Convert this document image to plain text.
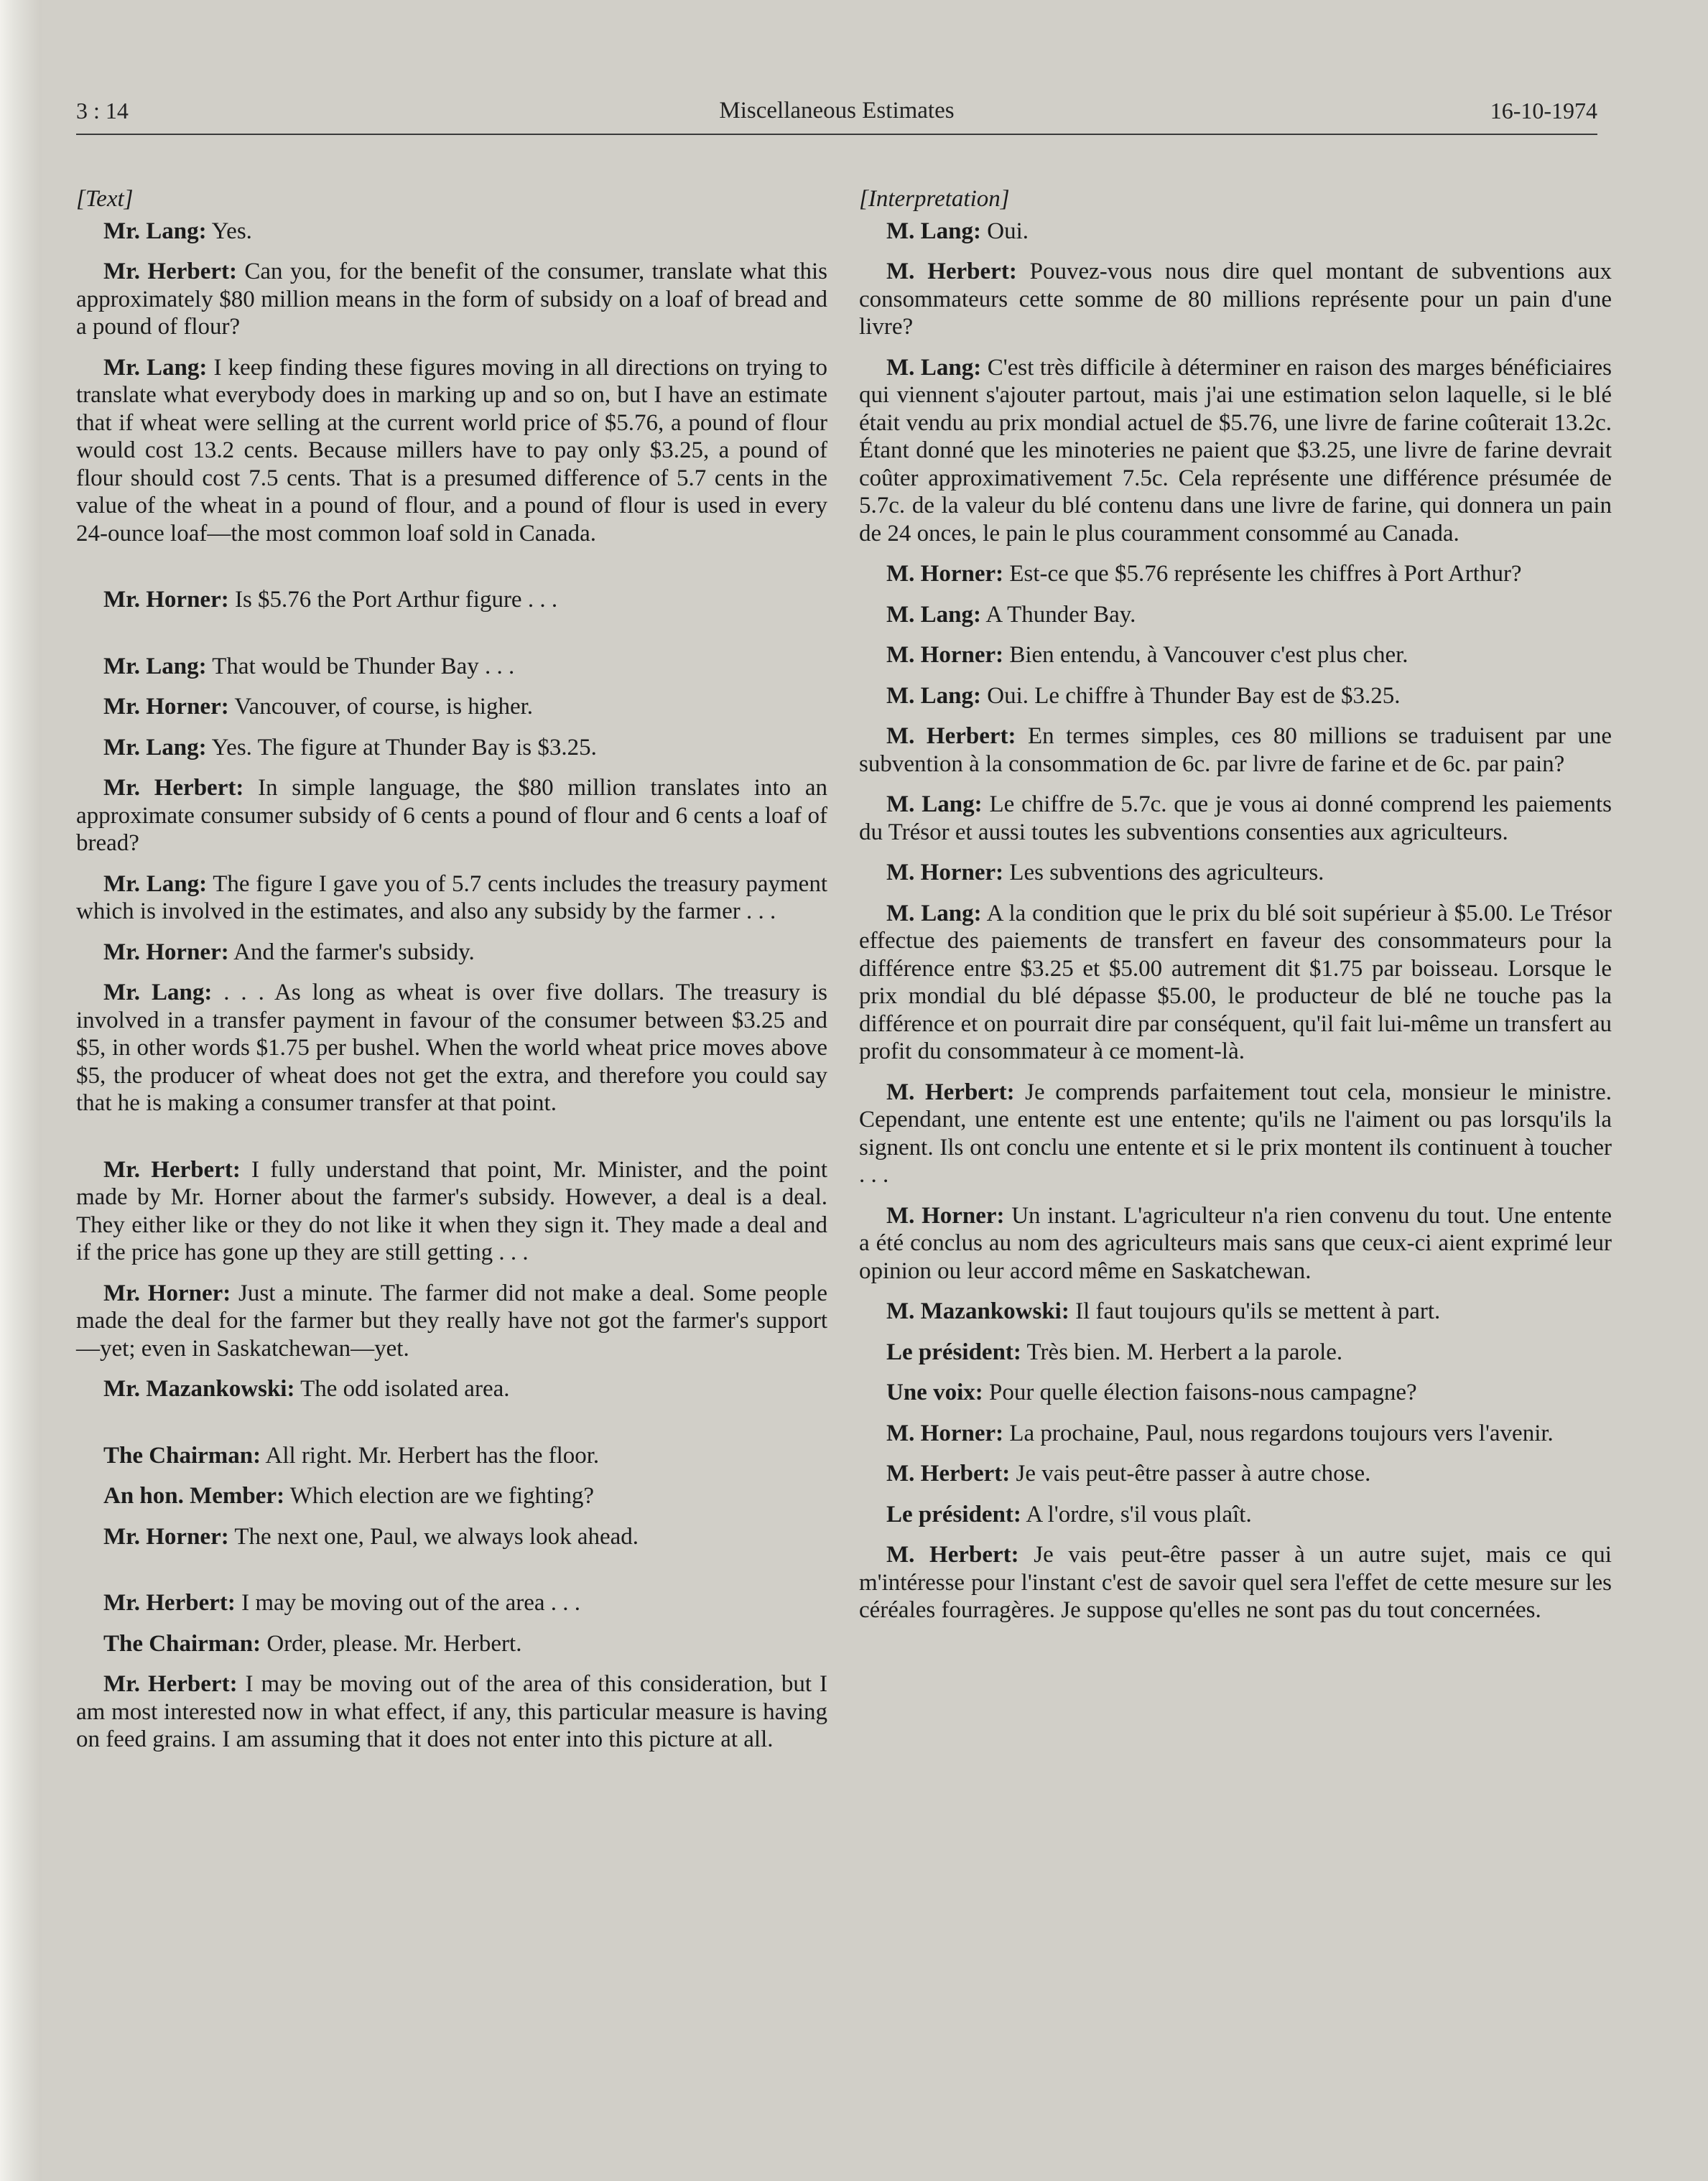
3 : 14	Miscellaneous Estimates	16-10-1974
[Text]

Mr. Lang: Yes.

Mr. Herbert: Can you, for the benefit of the consumer, translate what this approximately $80 million means in the form of subsidy on a loaf of bread and a pound of flour?

Mr. Lang: I keep finding these figures moving in all directions on trying to translate what everybody does in marking up and so on, but I have an estimate that if wheat were selling at the current world price of $5.76, a pound of flour would cost 13.2 cents. Because millers have to pay only $3.25, a pound of flour should cost 7.5 cents. That is a presumed difference of 5.7 cents in the value of the wheat in a pound of flour, and a pound of flour is used in every 24-ounce loaf—the most common loaf sold in Canada.

Mr. Horner: Is $5.76 the Port Arthur figure . . .

Mr. Lang: That would be Thunder Bay . . .

Mr. Horner: Vancouver, of course, is higher.

Mr. Lang: Yes. The figure at Thunder Bay is $3.25.

Mr. Herbert: In simple language, the $80 million translates into an approximate consumer subsidy of 6 cents a pound of flour and 6 cents a loaf of bread?

Mr. Lang: The figure I gave you of 5.7 cents includes the treasury payment which is involved in the estimates, and also any subsidy by the farmer . . .

Mr. Horner: And the farmer's subsidy.

Mr. Lang: . . . As long as wheat is over five dollars. The treasury is involved in a transfer payment in favour of the consumer between $3.25 and $5, in other words $1.75 per bushel. When the world wheat price moves above $5, the producer of wheat does not get the extra, and therefore you could say that he is making a consumer transfer at that point.

Mr. Herbert: I fully understand that point, Mr. Minister, and the point made by Mr. Horner about the farmer's subsidy. However, a deal is a deal. They either like or they do not like it when they sign it. They made a deal and if the price has gone up they are still getting . . .

Mr. Horner: Just a minute. The farmer did not make a deal. Some people made the deal for the farmer but they really have not got the farmer's support—yet; even in Saskatchewan—yet.

Mr. Mazankowski: The odd isolated area.

The Chairman: All right. Mr. Herbert has the floor.

An hon. Member: Which election are we fighting?

Mr. Horner: The next one, Paul, we always look ahead.

Mr. Herbert: I may be moving out of the area . . .

The Chairman: Order, please. Mr. Herbert.

Mr. Herbert: I may be moving out of the area of this consideration, but I am most interested now in what effect, if any, this particular measure is having on feed grains. I am assuming that it does not enter into this picture at all.

[Interpretation]

M. Lang: Oui.

M. Herbert: Pouvez-vous nous dire quel montant de subventions aux consommateurs cette somme de 80 millions représente pour un pain d'une livre?

M. Lang: C'est très difficile à déterminer en raison des marges bénéficiaires qui viennent s'ajouter partout, mais j'ai une estimation selon laquelle, si le blé était vendu au prix mondial actuel de $5.76, une livre de farine coûterait 13.2c. Étant donné que les minoteries ne paient que $3.25, une livre de farine devrait coûter approximativement 7.5c. Cela représente une différence présumée de 5.7c. de la valeur du blé contenu dans une livre de farine, qui donnera un pain de 24 onces, le pain le plus couramment consommé au Canada.

M. Horner: Est-ce que $5.76 représente les chiffres à Port Arthur?

M. Lang: A Thunder Bay.

M. Horner: Bien entendu, à Vancouver c'est plus cher.

M. Lang: Oui. Le chiffre à Thunder Bay est de $3.25.

M. Herbert: En termes simples, ces 80 millions se traduisent par une subvention à la consommation de 6c. par livre de farine et de 6c. par pain?

M. Lang: Le chiffre de 5.7c. que je vous ai donné comprend les paiements du Trésor et aussi toutes les subventions consenties aux agriculteurs.

M. Horner: Les subventions des agriculteurs.

M. Lang: A la condition que le prix du blé soit supérieur à $5.00. Le Trésor effectue des paiements de transfert en faveur des consommateurs pour la différence entre $3.25 et $5.00 autrement dit $1.75 par boisseau. Lorsque le prix mondial du blé dépasse $5.00, le producteur de blé ne touche pas la différence et on pourrait dire par conséquent, qu'il fait lui-même un transfert au profit du consommateur à ce moment-là.

M. Herbert: Je comprends parfaitement tout cela, monsieur le ministre. Cependant, une entente est une entente; qu'ils ne l'aiment ou pas lorsqu'ils la signent. Ils ont conclu une entente et si le prix montent ils continuent à toucher . . .

M. Horner: Un instant. L'agriculteur n'a rien convenu du tout. Une entente a été conclus au nom des agriculteurs mais sans que ceux-ci aient exprimé leur opinion ou leur accord même en Saskatchewan.

M. Mazankowski: Il faut toujours qu'ils se mettent à part.

Le président: Très bien. M. Herbert a la parole.

Une voix: Pour quelle élection faisons-nous campagne?

M. Horner: La prochaine, Paul, nous regardons toujours vers l'avenir.

M. Herbert: Je vais peut-être passer à autre chose.

Le président: A l'ordre, s'il vous plaît.

M. Herbert: Je vais peut-être passer à un autre sujet, mais ce qui m'intéresse pour l'instant c'est de savoir quel sera l'effet de cette mesure sur les céréales fourragères. Je suppose qu'elles ne sont pas du tout concernées.
